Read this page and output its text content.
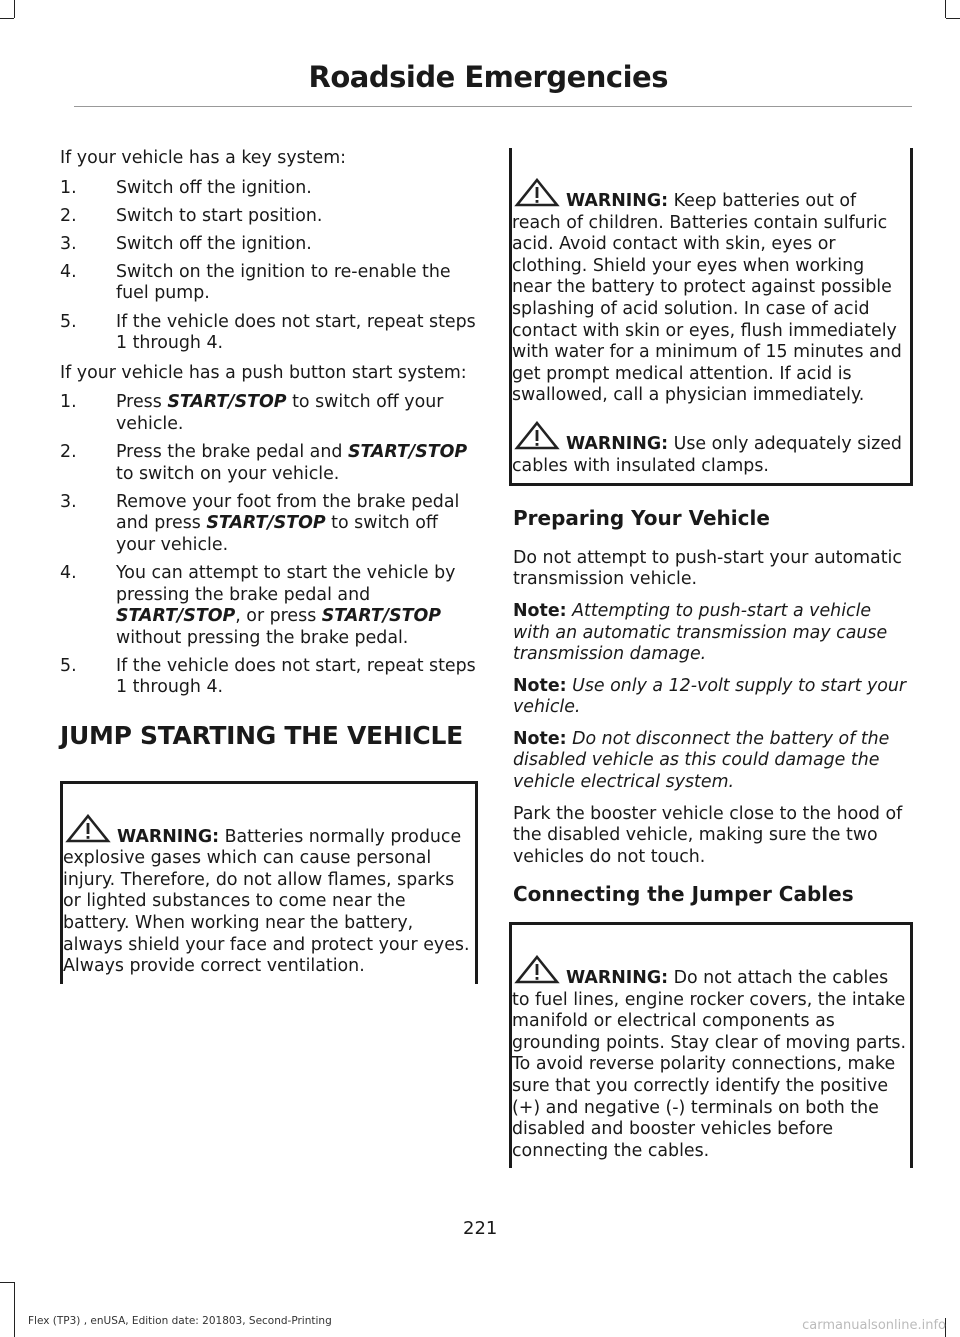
Roadside Emergencies

If your vehicle has a key system:

1. Switch off the ignition.
2. Switch to start position.
3. Switch off the ignition.
4. Switch on the ignition to re-enable the fuel pump.
5. If the vehicle does not start, repeat steps 1 through 4.

If your vehicle has a push button start system:

1. Press START/STOP to switch off your vehicle.
2. Press the brake pedal and START/STOP to switch on your vehicle.
3. Remove your foot from the brake pedal and press START/STOP to switch off your vehicle.
4. You can attempt to start the vehicle by pressing the brake pedal and START/STOP, or press START/STOP without pressing the brake pedal.
5. If the vehicle does not start, repeat steps 1 through 4.
JUMP STARTING THE VEHICLE
WARNING: Batteries normally produce explosive gases which can cause personal injury. Therefore, do not allow flames, sparks or lighted substances to come near the battery. When working near the battery, always shield your face and protect your eyes. Always provide correct ventilation.
WARNING: Keep batteries out of reach of children. Batteries contain sulfuric acid. Avoid contact with skin, eyes or clothing. Shield your eyes when working near the battery to protect against possible splashing of acid solution. In case of acid contact with skin or eyes, flush immediately with water for a minimum of 15 minutes and get prompt medical attention. If acid is swallowed, call a physician immediately.
WARNING: Use only adequately sized cables with insulated clamps.
Preparing Your Vehicle

Do not attempt to push-start your automatic transmission vehicle.

Note: Attempting to push-start a vehicle with an automatic transmission may cause transmission damage.

Note: Use only a 12-volt supply to start your vehicle.

Note: Do not disconnect the battery of the disabled vehicle as this could damage the vehicle electrical system.

Park the booster vehicle close to the hood of the disabled vehicle, making sure the two vehicles do not touch.

Connecting the Jumper Cables
WARNING: Do not attach the cables to fuel lines, engine rocker covers, the intake manifold or electrical components as grounding points. Stay clear of moving parts. To avoid reverse polarity connections, make sure that you correctly identify the positive (+) and negative (-) terminals on both the disabled and booster vehicles before connecting the cables.
221
Flex (TP3) , enUSA, Edition date: 201803, Second-Printing	carmanualsonline.info
